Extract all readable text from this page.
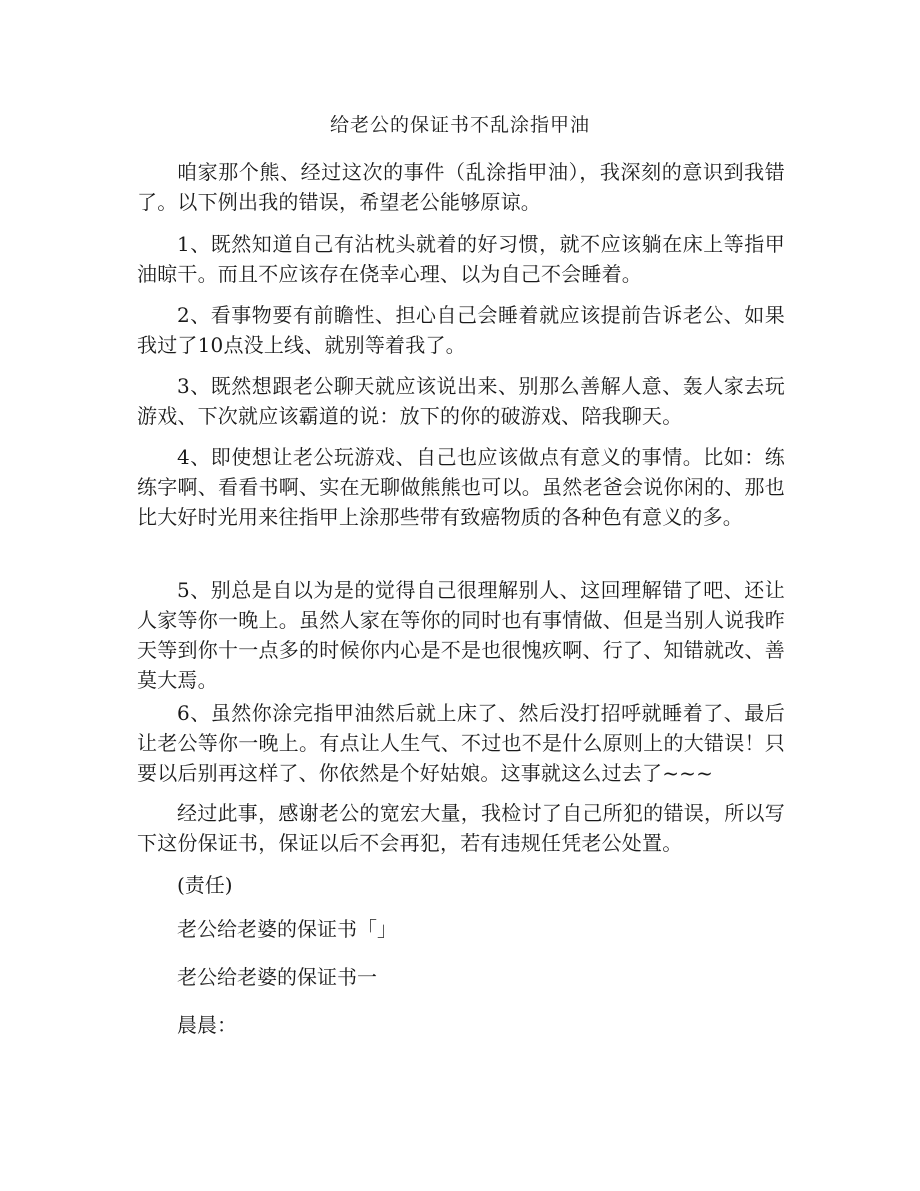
给老公的保证书不乱涂指甲油

咱家那个熊、经过这次的事件（乱涂指甲油），我深刻的意识到我错了。以下例出我的错误，希望老公能够原谅。

1、既然知道自己有沾枕头就着的好习惯，就不应该躺在床上等指甲油晾干。而且不应该存在侥幸心理、以为自己不会睡着。

2、看事物要有前瞻性、担心自己会睡着就应该提前告诉老公、如果我过了10点没上线、就别等着我了。

3、既然想跟老公聊天就应该说出来、别那么善解人意、轰人家去玩游戏、下次就应该霸道的说：放下的你的破游戏、陪我聊天。

4、即使想让老公玩游戏、自己也应该做点有意义的事情。比如：练练字啊、看看书啊、实在无聊做熊熊也可以。虽然老爸会说你闲的、那也比大好时光用来往指甲上涂那些带有致癌物质的各种色有意义的多。

5、别总是自以为是的觉得自己很理解别人、这回理解错了吧、还让人家等你一晚上。虽然人家在等你的同时也有事情做、但是当别人说我昨天等到你十一点多的时候你内心是不是也很愧疚啊、行了、知错就改、善莫大焉。

6、虽然你涂完指甲油然后就上床了、然后没打招呼就睡着了、最后让老公等你一晚上。有点让人生气、不过也不是什么原则上的大错误！只要以后别再这样了、你依然是个好姑娘。这事就这么过去了~~~

经过此事，感谢老公的宽宏大量，我检讨了自己所犯的错误，所以写下这份保证书，保证以后不会再犯，若有违规任凭老公处置。

(责任)

老公给老婆的保证书「」

老公给老婆的保证书一

晨晨：
